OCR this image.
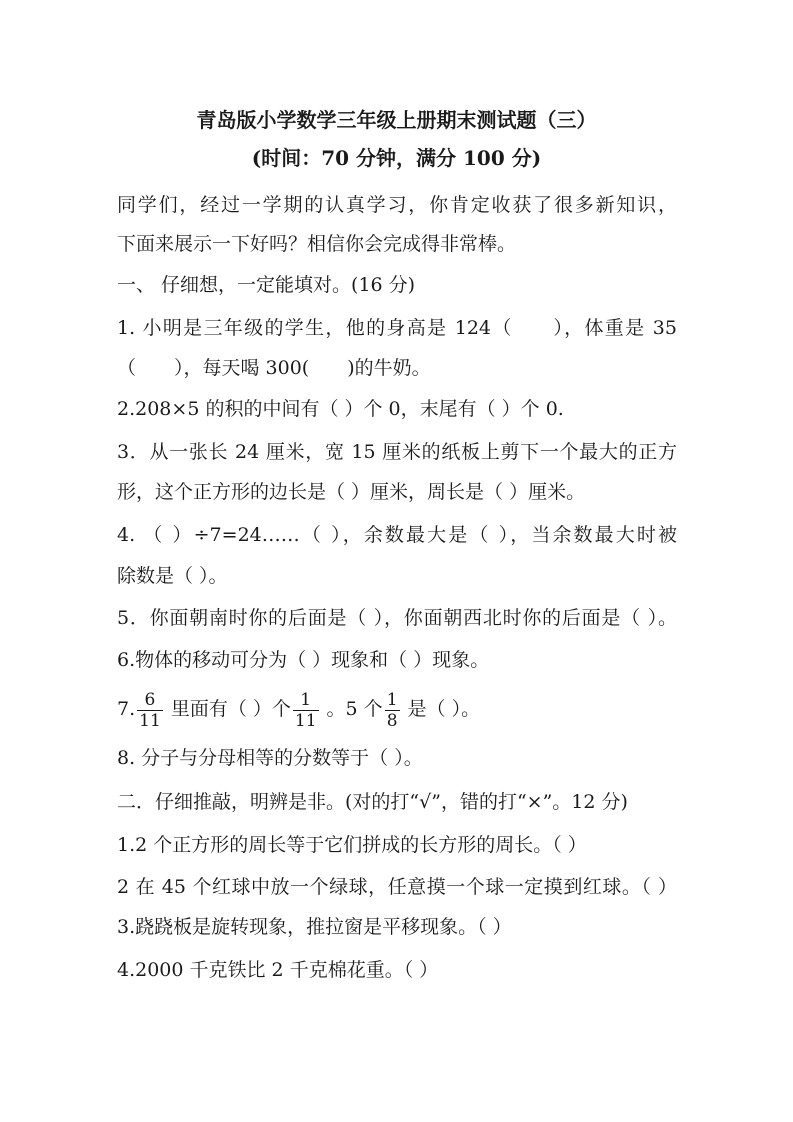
青岛版小学数学三年级上册期末测试题（三）
(时间：70 分钟，满分 100 分)
同学们，经过一学期的认真学习，你肯定收获了很多新知识，
下面来展示一下好吗？相信你会完成得非常棒。
一、 仔细想，一定能填对。(16 分)
1. 小明是三年级的学生，他的身高是 124（　　），体重是 35
（　　），每天喝 300(　　)的牛奶。
2.208×5 的积的中间有（ ）个 0，末尾有（ ）个 0.
3．从一张长 24 厘米，宽 15 厘米的纸板上剪下一个最大的正方
形，这个正方形的边长是（ ）厘米，周长是（ ）厘米。
4. （ ）÷7=24……（ ），余数最大是（ ），当余数最大时被
除数是（ ）。
5．你面朝南时你的后面是（ ），你面朝西北时你的后面是（ ）。
6.物体的移动可分为（ ）现象和（ ）现象。
7. $\frac{6}{11}$ 里面有（ ）个 $\frac{1}{11}$ 。5 个 $\frac{1}{8}$ 是（ ）。
8. 分子与分母相等的分数等于（ ）。
二．仔细推敲，明辨是非。(对的打“√”，错的打“×”。12 分)
1.2 个正方形的周长等于它们拼成的长方形的周长。（ ）
2 在 45 个红球中放一个绿球，任意摸一个球一定摸到红球。（ ）
3.跷跷板是旋转现象，推拉窗是平移现象。（ ）
4.2000 千克铁比 2 千克棉花重。（ ）
